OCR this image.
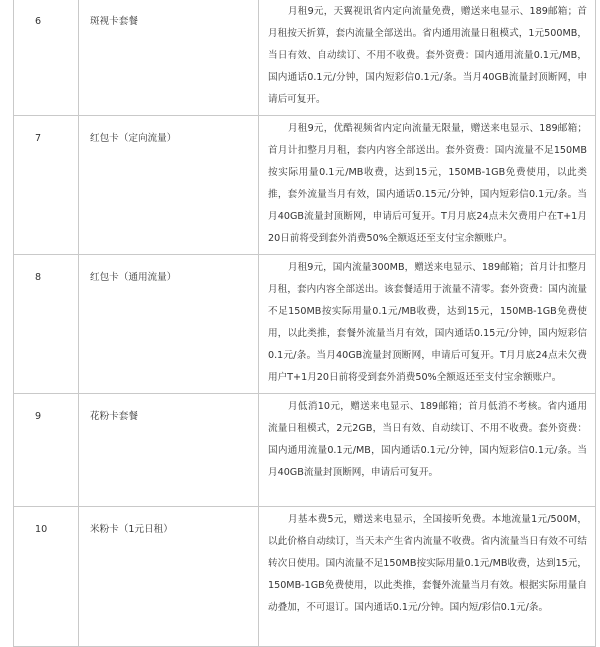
6	斑视卡套餐	月租9元，天翼视讯省内定向流量免费，赠送来电显示、189邮箱；首月租按天折算，套内流量全部送出。省内通用流量日租模式，1元500MB，当日有效、自动续订、不用不收费。套外资费：国内通用流量0.1元/MB，国内通话0.1元/分钟，国内短彩信0.1元/条。当月40GB流量封顶断网，申请后可复开。

7	红包卡（定向流量）	月租9元，优酷视频省内定向流量无限量，赠送来电显示、189邮箱；首月计扣整月月租，套内内容全部送出。套外资费：国内流量不足150MB按实际用量0.1元/MB收费，达到15元，150MB-1GB免费使用，以此类推，套外流量当月有效，国内通话0.15元/分钟，国内短彩信0.1元/条。当月40GB流量封顶断网，申请后可复开。T月月底24点未欠费用户在T+1月20日前将受到套外消费50%全额返还至支付宝余额账户。

8	红包卡（通用流量）	月租9元，国内流量300MB，赠送来电显示、189邮箱；首月计扣整月月租，套内内容全部送出。该套餐适用于流量不清零。套外资费：国内流量不足150MB按实际用量0.1元/MB收费，达到15元，150MB-1GB免费使用，以此类推，套餐外流量当月有效，国内通话0.15元/分钟，国内短彩信0.1元/条。当月40GB流量封顶断网，申请后可复开。T月月底24点未欠费用户T+1月20日前将受到套外消费50%全额返还至支付宝余额账户。

9	花粉卡套餐	月低消10元，赠送来电显示、189邮箱；首月低消不考核。省内通用流量日租模式，2元2GB，当日有效、自动续订、不用不收费。套外资费：国内通用流量0.1元/MB，国内通话0.1元/分钟，国内短彩信0.1元/条。当月40GB流量封顶断网，申请后可复开。

10	米粉卡（1元日租）	月基本费5元，赠送来电显示，全国接听免费。本地流量1元/500M，以此价格自动续订，当天未产生省内流量不收费。省内流量当日有效不可结转次日使用。国内流量不足150MB按实际用量0.1元/MB收费，达到15元，150MB-1GB免费使用，以此类推，套餐外流量当月有效。根据实际用量自动叠加，不可退订。国内通话0.1元/分钟。国内短/彩信0.1元/条。
